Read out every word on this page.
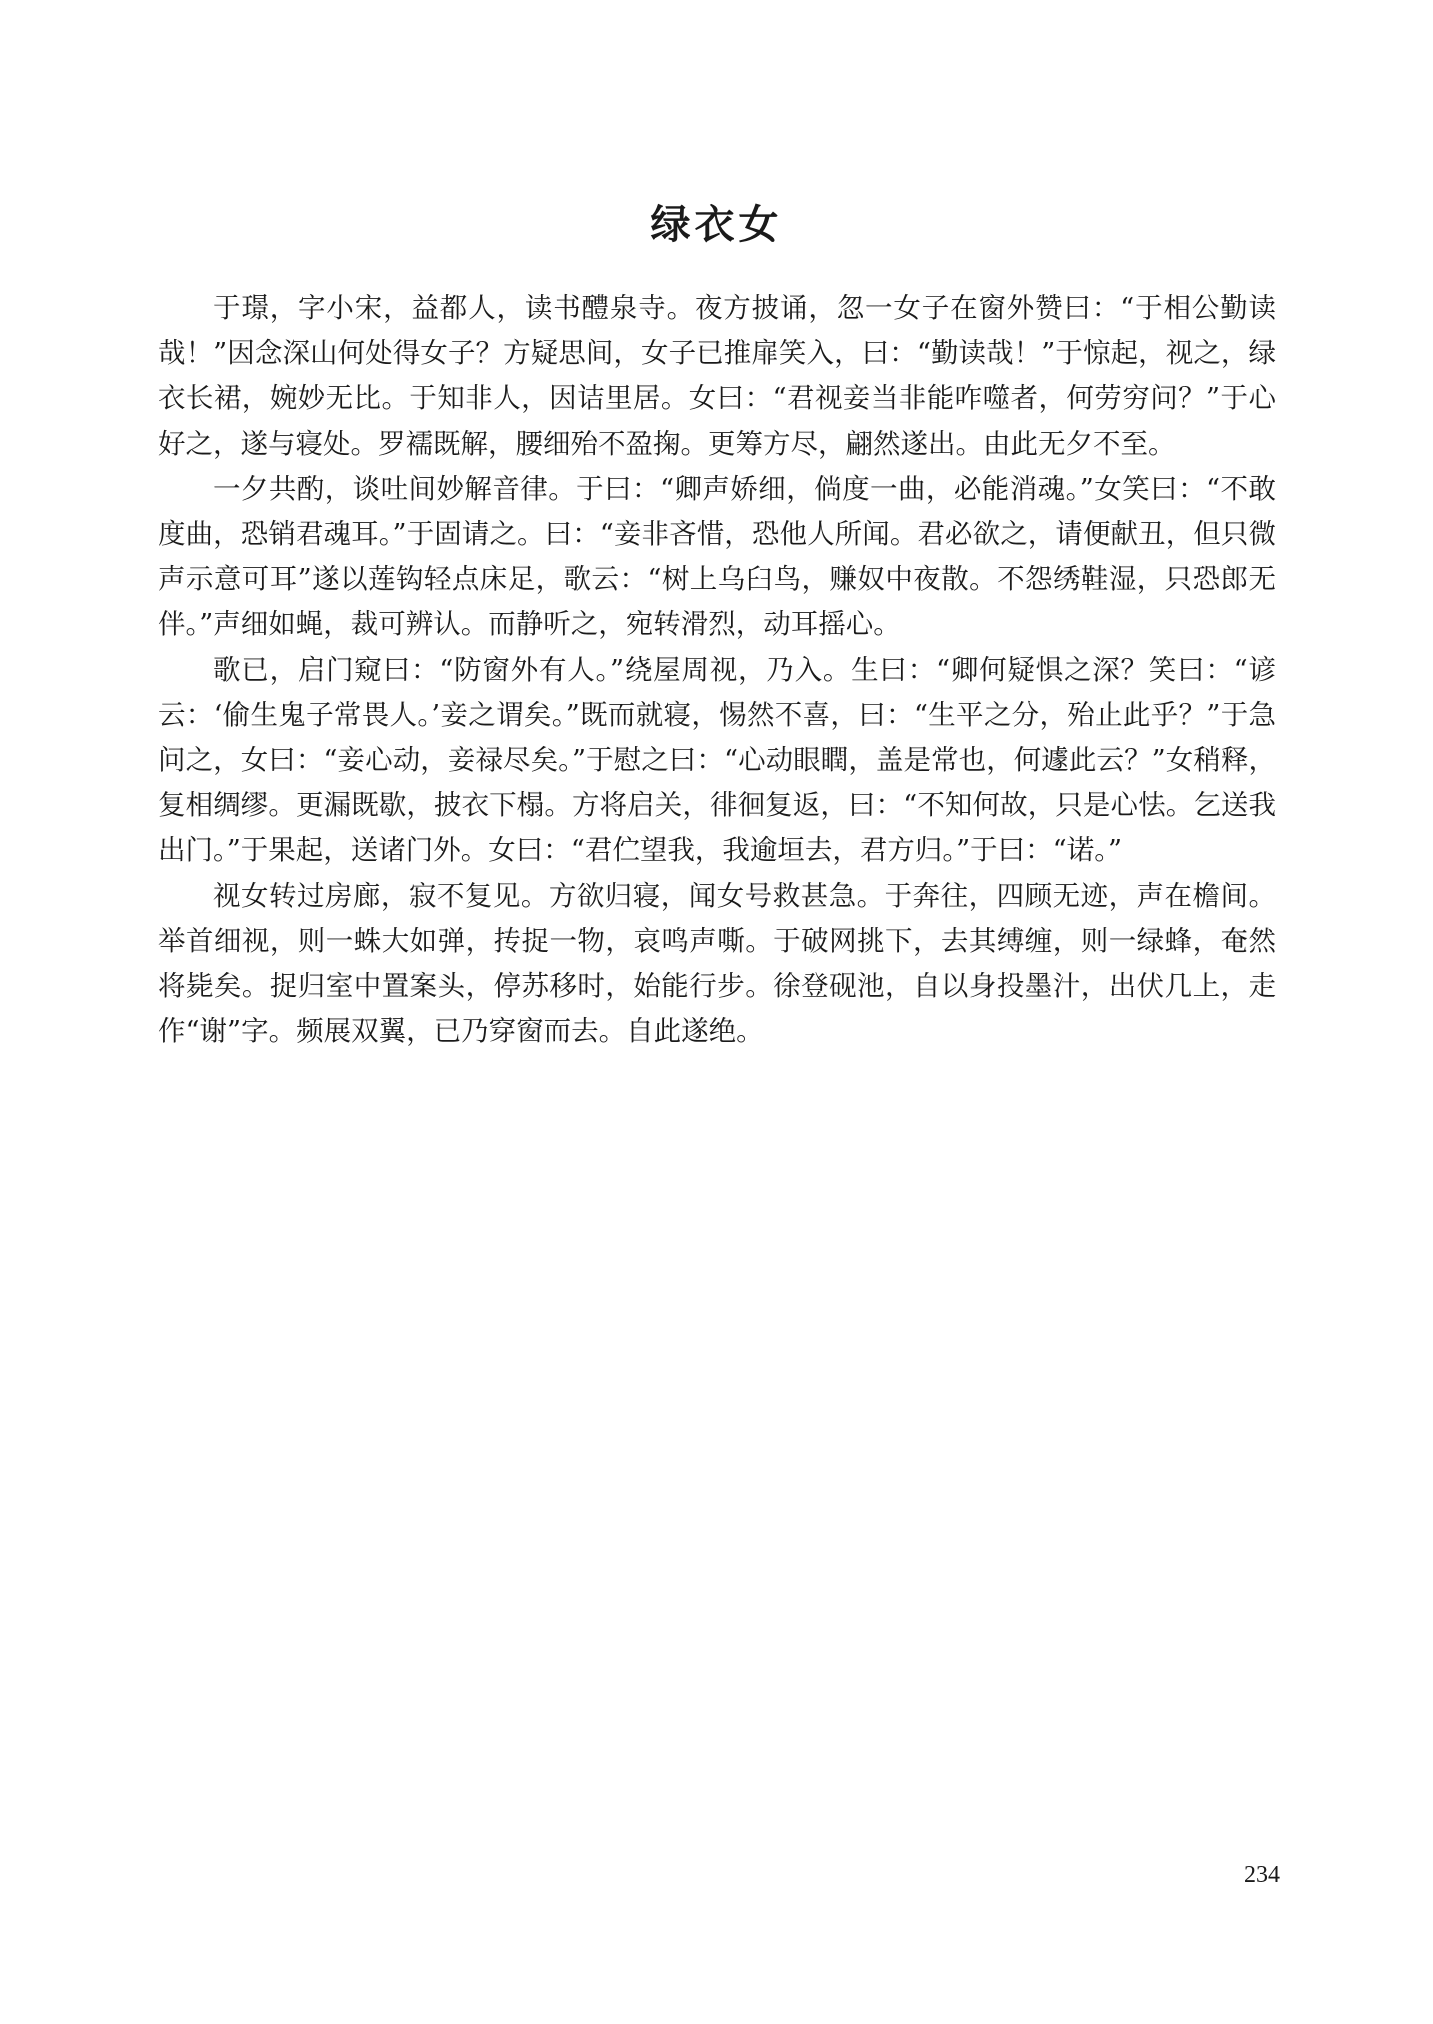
绿衣女

于璟，字小宋，益都人，读书醴泉寺。夜方披诵，忽一女子在窗外赞曰：“于相公勤读哉！”因念深山何处得女子？方疑思间，女子已推扉笑入，曰：“勤读哉！”于惊起，视之，绿衣长裙，婉妙无比。于知非人，因诘里居。女曰：“君视妾当非能咋噬者，何劳穷问？”于心好之，遂与寝处。罗襦既解，腰细殆不盈掬。更筹方尽，翩然遂出。由此无夕不至。

一夕共酌，谈吐间妙解音律。于曰：“卿声娇细，倘度一曲，必能消魂。”女笑曰：“不敢度曲，恐销君魂耳。”于固请之。曰：“妾非吝惜，恐他人所闻。君必欲之，请便献丑，但只微声示意可耳”遂以莲钩轻点床足，歌云：“树上乌臼鸟，赚奴中夜散。不怨绣鞋湿，只恐郎无伴。”声细如蝇，裁可辨认。而静听之，宛转滑烈，动耳摇心。

歌已，启门窥曰：“防窗外有人。”绕屋周视，乃入。生曰：“卿何疑惧之深？笑曰：“谚云：‘偷生鬼子常畏人。’妾之谓矣。”既而就寝，惕然不喜，曰：“生平之分，殆止此乎？”于急问之，女曰：“妾心动，妾禄尽矣。”于慰之曰：“心动眼瞤，盖是常也，何遽此云？”女稍释，复相绸缪。更漏既歇，披衣下榻。方将启关，徘徊复返，曰：“不知何故，只是心怯。乞送我出门。”于果起，送诸门外。女曰：“君伫望我，我逾垣去，君方归。”于曰：“诺。”

视女转过房廊，寂不复见。方欲归寝，闻女号救甚急。于奔往，四顾无迹，声在檐间。举首细视，则一蛛大如弹，抟捉一物，哀鸣声嘶。于破网挑下，去其缚缠，则一绿蜂，奄然将毙矣。捉归室中置案头，停苏移时，始能行步。徐登砚池，自以身投墨汁，出伏几上，走作“谢”字。频展双翼，已乃穿窗而去。自此遂绝。

234
